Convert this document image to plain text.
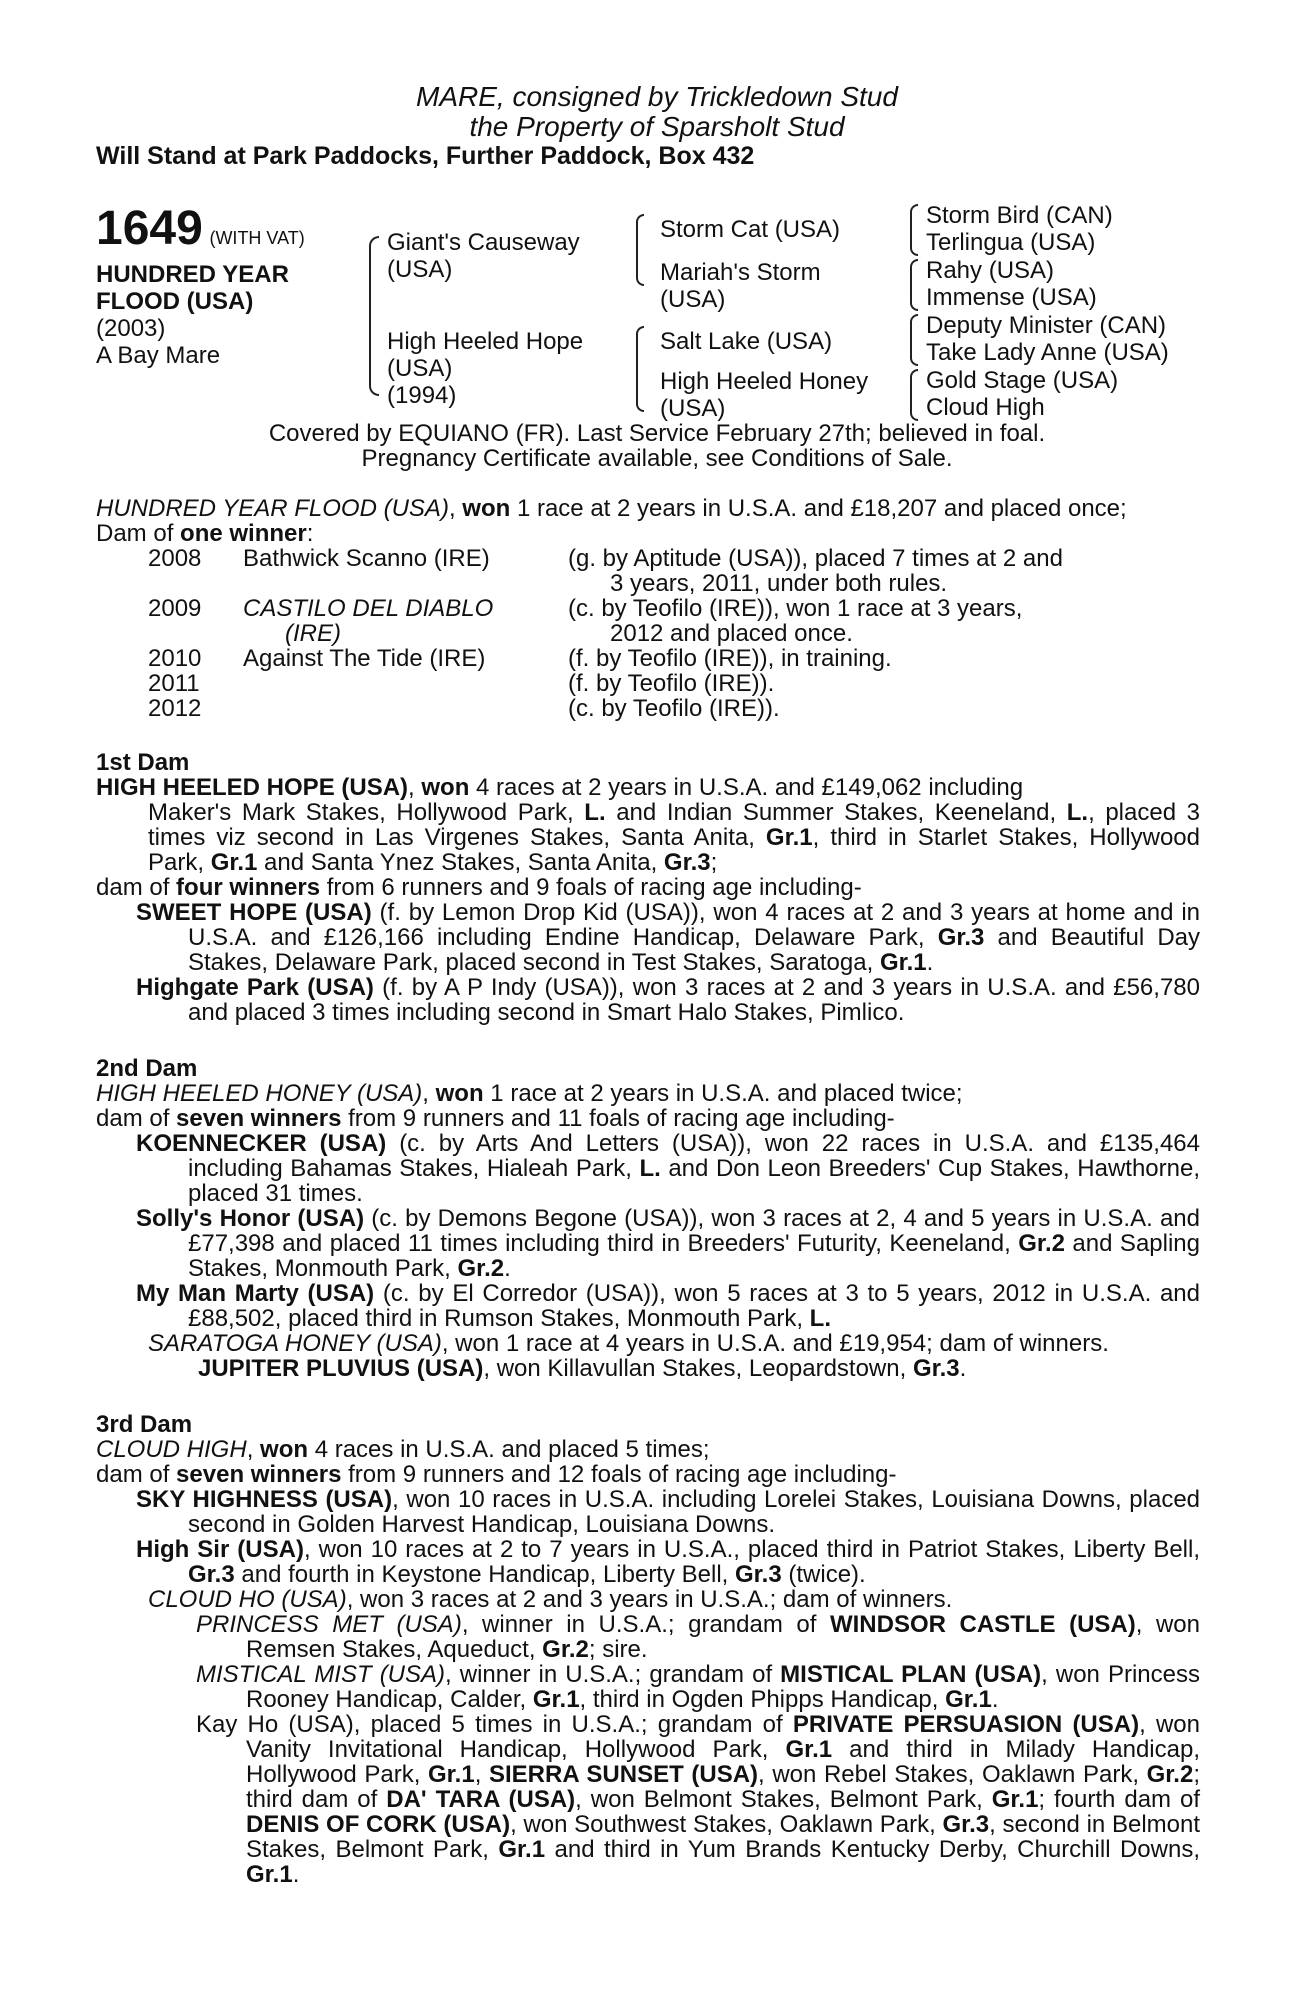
MARE, consigned by Trickledown Stud
the Property of Sparsholt Stud
Will Stand at Park Paddocks, Further Paddock, Box 432
1649 (WITH VAT)
HUNDRED YEAR
FLOOD (USA)
(2003)
A Bay Mare
Giant's Causeway
(USA)
High Heeled Hope
(USA)
(1994)
Storm Cat (USA)
Mariah's Storm
(USA)
Salt Lake (USA)
High Heeled Honey
(USA)
Storm Bird (CAN)
Terlingua (USA)
Rahy (USA)
Immense (USA)
Deputy Minister (CAN)
Take Lady Anne (USA)
Gold Stage (USA)
Cloud High
Covered by EQUIANO (FR). Last Service February 27th; believed in foal.
Pregnancy Certificate available, see Conditions of Sale.
HUNDRED YEAR FLOOD (USA), won 1 race at 2 years in U.S.A. and £18,207 and placed once;
Dam of one winner:
2008 Bathwick Scanno (IRE)	(g. by Aptitude (USA)), placed 7 times at 2 and
3 years, 2011, under both rules.
2009 CASTILO DEL DIABLO	(c. by Teofilo (IRE)), won 1 race at 3 years,
(IRE)	2012 and placed once.
2010 Against The Tide (IRE)	(f. by Teofilo (IRE)), in training.
2011	(f. by Teofilo (IRE)).
2012	(c. by Teofilo (IRE)).
1st Dam
HIGH HEELED HOPE (USA), won 4 races at 2 years in U.S.A. and £149,062 including
Maker's Mark Stakes, Hollywood Park, L. and Indian Summer Stakes, Keeneland, L., placed 3 times viz second in Las Virgenes Stakes, Santa Anita, Gr.1, third in Starlet Stakes, Hollywood Park, Gr.1 and Santa Ynez Stakes, Santa Anita, Gr.3;
dam of four winners from 6 runners and 9 foals of racing age including-
SWEET HOPE (USA) (f. by Lemon Drop Kid (USA)), won 4 races at 2 and 3 years at home and in U.S.A. and £126,166 including Endine Handicap, Delaware Park, Gr.3 and Beautiful Day Stakes, Delaware Park, placed second in Test Stakes, Saratoga, Gr.1.
Highgate Park (USA) (f. by A P Indy (USA)), won 3 races at 2 and 3 years in U.S.A. and £56,780 and placed 3 times including second in Smart Halo Stakes, Pimlico.
2nd Dam
HIGH HEELED HONEY (USA), won 1 race at 2 years in U.S.A. and placed twice;
dam of seven winners from 9 runners and 11 foals of racing age including-
KOENNECKER (USA) (c. by Arts And Letters (USA)), won 22 races in U.S.A. and £135,464 including Bahamas Stakes, Hialeah Park, L. and Don Leon Breeders' Cup Stakes, Hawthorne, placed 31 times.
Solly's Honor (USA) (c. by Demons Begone (USA)), won 3 races at 2, 4 and 5 years in U.S.A. and £77,398 and placed 11 times including third in Breeders' Futurity, Keeneland, Gr.2 and Sapling Stakes, Monmouth Park, Gr.2.
My Man Marty (USA) (c. by El Corredor (USA)), won 5 races at 3 to 5 years, 2012 in U.S.A. and £88,502, placed third in Rumson Stakes, Monmouth Park, L.
SARATOGA HONEY (USA), won 1 race at 4 years in U.S.A. and £19,954; dam of winners.
JUPITER PLUVIUS (USA), won Killavullan Stakes, Leopardstown, Gr.3.
3rd Dam
CLOUD HIGH, won 4 races in U.S.A. and placed 5 times;
dam of seven winners from 9 runners and 12 foals of racing age including-
SKY HIGHNESS (USA), won 10 races in U.S.A. including Lorelei Stakes, Louisiana Downs, placed second in Golden Harvest Handicap, Louisiana Downs.
High Sir (USA), won 10 races at 2 to 7 years in U.S.A., placed third in Patriot Stakes, Liberty Bell, Gr.3 and fourth in Keystone Handicap, Liberty Bell, Gr.3 (twice).
CLOUD HO (USA), won 3 races at 2 and 3 years in U.S.A.; dam of winners.
PRINCESS MET (USA), winner in U.S.A.; grandam of WINDSOR CASTLE (USA), won Remsen Stakes, Aqueduct, Gr.2; sire.
MISTICAL MIST (USA), winner in U.S.A.; grandam of MISTICAL PLAN (USA), won Princess Rooney Handicap, Calder, Gr.1, third in Ogden Phipps Handicap, Gr.1.
Kay Ho (USA), placed 5 times in U.S.A.; grandam of PRIVATE PERSUASION (USA), won Vanity Invitational Handicap, Hollywood Park, Gr.1 and third in Milady Handicap, Hollywood Park, Gr.1, SIERRA SUNSET (USA), won Rebel Stakes, Oaklawn Park, Gr.2; third dam of DA' TARA (USA), won Belmont Stakes, Belmont Park, Gr.1; fourth dam of DENIS OF CORK (USA), won Southwest Stakes, Oaklawn Park, Gr.3, second in Belmont Stakes, Belmont Park, Gr.1 and third in Yum Brands Kentucky Derby, Churchill Downs, Gr.1.
